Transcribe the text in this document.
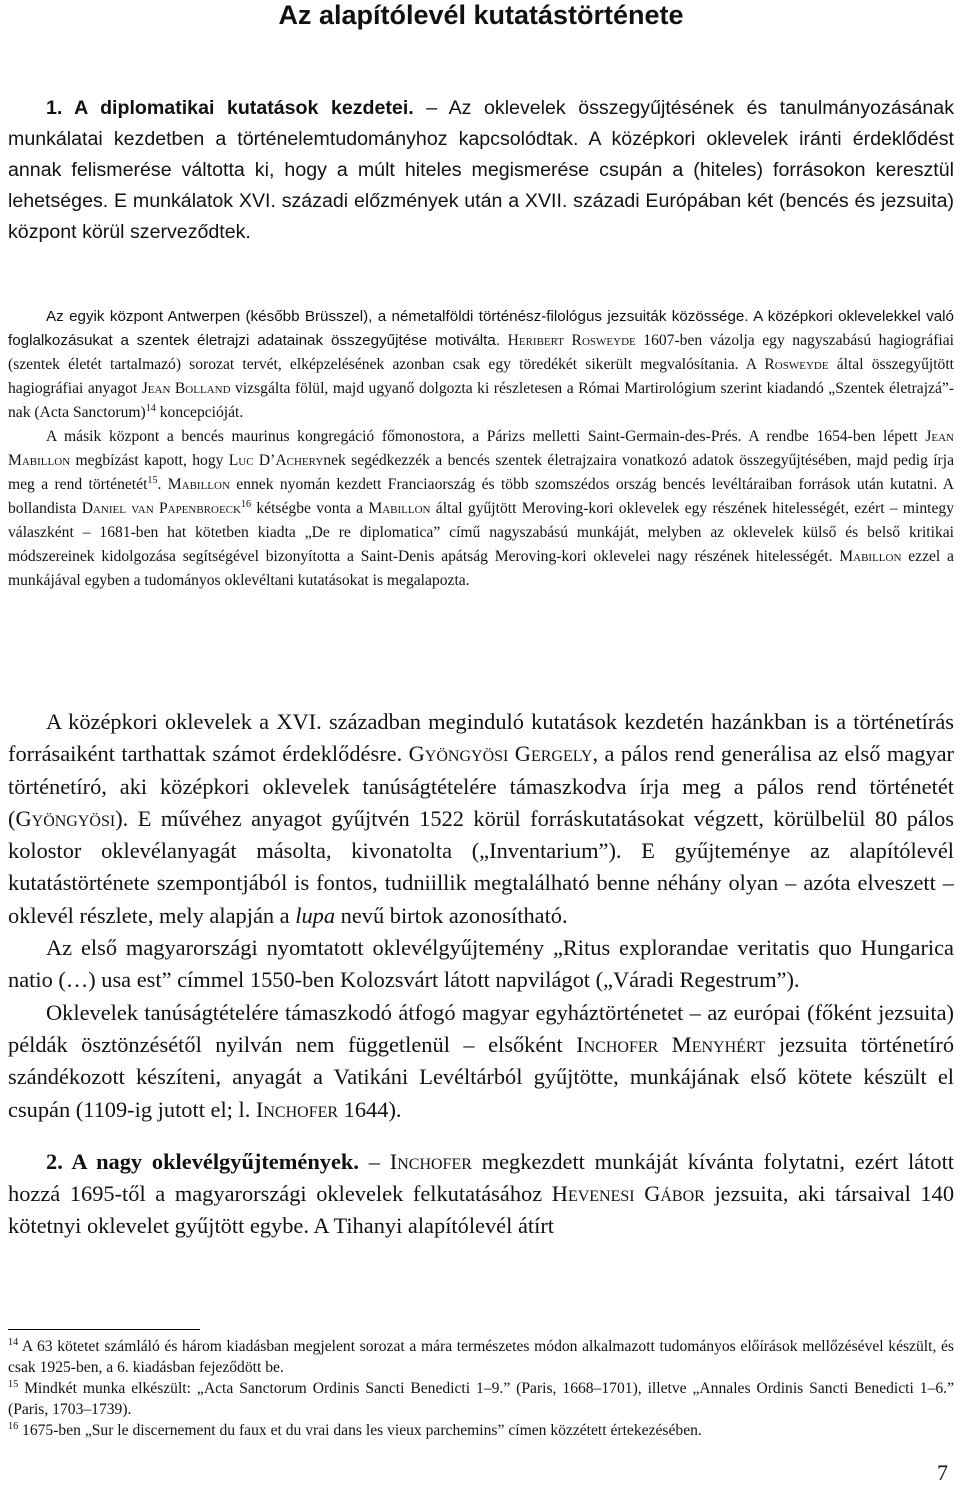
Az alapítólevél kutatástörténete
1. A diplomatikai kutatások kezdetei. – Az oklevelek összegyűjtésének és tanulmányozásának munkálatai kezdetben a történelemtudományhoz kapcsolódtak. A középkori oklevelek iránti érdeklődést annak felismerése váltotta ki, hogy a múlt hiteles megismerése csupán a (hiteles) forrásokon keresztül lehetséges. E munkálatok XVI. századi előzmények után a XVII. századi Európában két (bencés és jezsuita) központ körül szerveződtek.

Az egyik központ Antwerpen (később Brüsszel), a németalföldi történész-filológus jezsuiták közössége. A középkori oklevelekkel való foglalkozásukat a szentek életrajzi adatainak összegyűjtése motiválta. Heribert Rosweyde 1607-ben vázolja egy nagyszabású hagiográfiai (szentek életét tartalmazó) sorozat tervét, elképzelésének azonban csak egy töredékét sikerült megvalósítania. A Rosweyde által összegyűjtött hagiográfiai anyagot Jean Bolland vizsgálta fölül, majd ugyanő dolgozta ki részletesen a Római Martirológium szerint kiadandó „Szentek életrajzá”-nak (Acta Sanctorum)$^{14}$ koncepcióját.

A másik központ a bencés maurinus kongregáció főmonostora, a Párizs melletti Saint-Germain-des-Prés. A rendbe 1654-ben lépett Jean Mabillon megbízást kapott, hogy Luc D’Acherynek segédkezzék a bencés szentek életrajzaira vonatkozó adatok összegyűjtésében, majd pedig írja meg a rend történetét$^{15}$. Mabillon ennek nyomán kezdett Franciaország és több szomszédos ország bencés levéltáraiban források után kutatni. A bollandista Daniel van Papenbroeck$^{16}$ kétségbe vonta a Mabillon által gyűjtött Meroving-kori oklevelek egy részének hitelességét, ezért – mintegy válaszként – 1681-ben hat kötetben kiadta „De re diplomatica” című nagyszabású munkáját, melyben az oklevelek külső és belső kritikai módszereinek kidolgozása segítségével bizonyította a Saint-Denis apátság Meroving-kori oklevelei nagy részének hitelességét. Mabillon ezzel a munkájával egyben a tudományos oklevéltani kutatásokat is megalapozta.

A középkori oklevelek a XVI. században meginduló kutatások kezdetén hazánkban is a történetírás forrásaiként tarthattak számot érdeklődésre. Gyöngyösi Gergely, a pálos rend generálisa az első magyar történetíró, aki középkori oklevelek tanúságtételére támaszkodva írja meg a pálos rend történetét (Gyöngyösi). E művéhez anyagot gyűjtvén 1522 körül forráskutatásokat végzett, körülbelül 80 pálos kolostor oklevélanyagát másolta, kivonatolta („Inventarium”). E gyűjteménye az alapítólevél kutatástörténete szempontjából is fontos, tudniillik megtalálható benne néhány olyan – azóta elveszett – oklevél részlete, mely alapján a lupa nevű birtok azonosítható.

Az első magyarországi nyomtatott oklevélgyűjtemény „Ritus explorandae veritatis quo Hungarica natio (…) usa est” címmel 1550-ben Kolozsvárt látott napvilágot („Váradi Regestrum”).

Oklevelek tanúságtételére támaszkodó átfogó magyar egyháztörténetet – az európai (főként jezsuita) példák ösztönzésétől nyilván nem függetlenül – elsőként Inchofer Menyhért jezsuita történetíró szándékozott készíteni, anyagát a Vatikáni Levéltárból gyűjtötte, munkájának első kötete készült el csupán (1109-ig jutott el; l. Inchofer 1644).

2. A nagy oklevélgyűjtemények. – Inchofer megkezdett munkáját kívánta folytatni, ezért látott hozzá 1695-től a magyarországi oklevelek felkutatásához Hevenesi Gábor jezsuita, aki társaival 140 kötetnyi oklevelet gyűjtött egybe. A Tihanyi alapítólevél átírt

$^{14}$ A 63 kötetet számláló és három kiadásban megjelent sorozat a mára természetes módon alkalmazott tudományos előírások mellőzésével készült, és csak 1925-ben, a 6. kiadásban fejeződött be.

$^{15}$ Mindkét munka elkészült: „Acta Sanctorum Ordinis Sancti Benedicti 1–9.” (Paris, 1668–1701), illetve „Annales Ordinis Sancti Benedicti 1–6.” (Paris, 1703–1739).

$^{16}$ 1675-ben „Sur le discernement du faux et du vrai dans les vieux parchemins” címen közzétett értekezésében.

7
